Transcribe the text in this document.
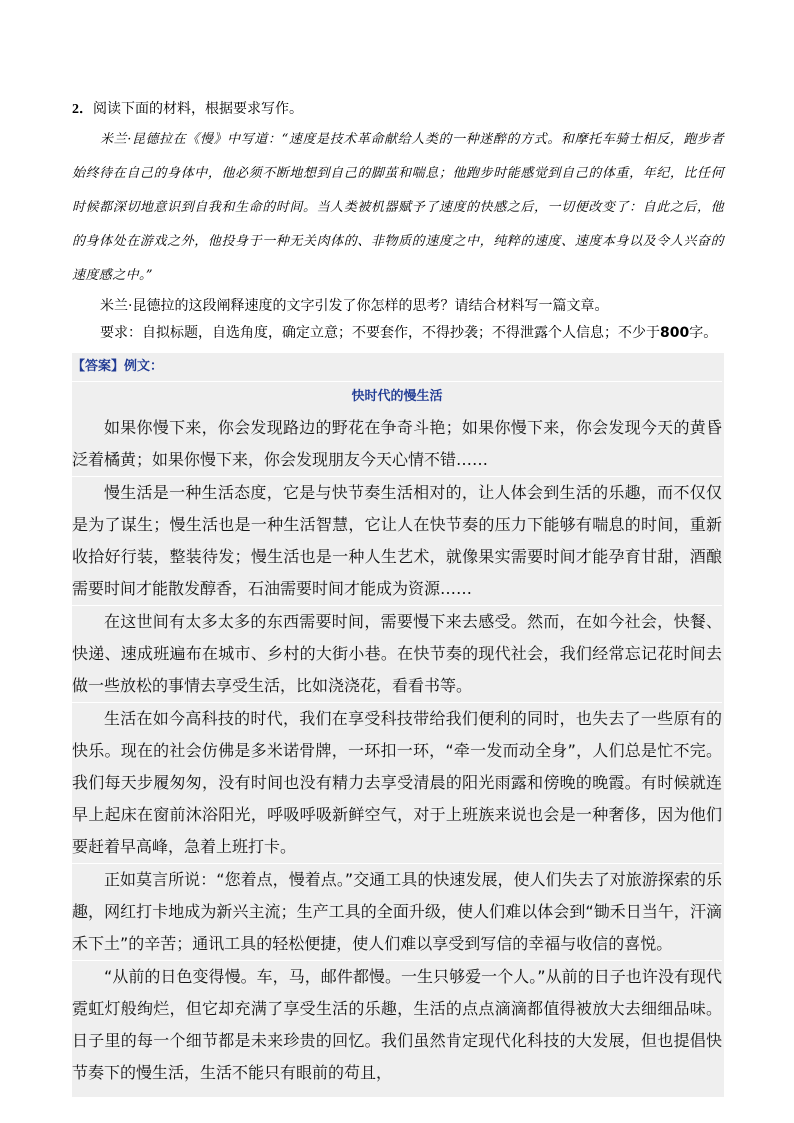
2．阅读下面的材料，根据要求写作。

米兰·昆德拉在《慢》中写道：“速度是技术革命献给人类的一种迷醉的方式。和摩托车骑士相反，跑步者始终待在自己的身体中，他必须不断地想到自己的脚茧和喘息；他跑步时能感觉到自己的体重，年纪，比任何时候都深切地意识到自我和生命的时间。当人类被机器赋予了速度的快感之后，一切便改变了：自此之后，他的身体处在游戏之外，他投身于一种无关肉体的、非物质的速度之中，纯粹的速度、速度本身以及令人兴奋的速度感之中。”

米兰·昆德拉的这段阐释速度的文字引发了你怎样的思考？请结合材料写一篇文章。

要求：自拟标题，自选角度，确定立意；不要套作，不得抄袭；不得泄露个人信息；不少于800字。

【答案】例文：

快时代的慢生活

如果你慢下来，你会发现路边的野花在争奇斗艳；如果你慢下来，你会发现今天的黄昏泛着橘黄；如果你慢下来，你会发现朋友今天心情不错……

慢生活是一种生活态度，它是与快节奏生活相对的，让人体会到生活的乐趣，而不仅仅是为了谋生；慢生活也是一种生活智慧，它让人在快节奏的压力下能够有喘息的时间，重新收拾好行装，整装待发；慢生活也是一种人生艺术，就像果实需要时间才能孕育甘甜，酒酿需要时间才能散发醇香，石油需要时间才能成为资源……

在这世间有太多太多的东西需要时间，需要慢下来去感受。然而，在如今社会，快餐、快递、速成班遍布在城市、乡村的大街小巷。在快节奏的现代社会，我们经常忘记花时间去做一些放松的事情去享受生活，比如浇浇花，看看书等。

生活在如今高科技的时代，我们在享受科技带给我们便利的同时，也失去了一些原有的快乐。现在的社会仿佛是多米诺骨牌，一环扣一环，“牵一发而动全身”，人们总是忙不完。我们每天步履匆匆，没有时间也没有精力去享受清晨的阳光雨露和傍晚的晚霞。有时候就连早上起床在窗前沐浴阳光，呼吸呼吸新鲜空气，对于上班族来说也会是一种奢侈，因为他们要赶着早高峰，急着上班打卡。

正如莫言所说：“您着点，慢着点。”交通工具的快速发展，使人们失去了对旅游探索的乐趣，网红打卡地成为新兴主流；生产工具的全面升级，使人们难以体会到“锄禾日当午，汗滴禾下土”的辛苦；通讯工具的轻松便捷，使人们难以享受到写信的幸福与收信的喜悦。

“从前的日色变得慢。车，马，邮件都慢。一生只够爱一个人。”从前的日子也许没有现代霓虹灯般绚烂，但它却充满了享受生活的乐趣，生活的点点滴滴都值得被放大去细细品味。日子里的每一个细节都是未来珍贵的回忆。我们虽然肯定现代化科技的大发展，但也提倡快节奏下的慢生活，生活不能只有眼前的苟且，
